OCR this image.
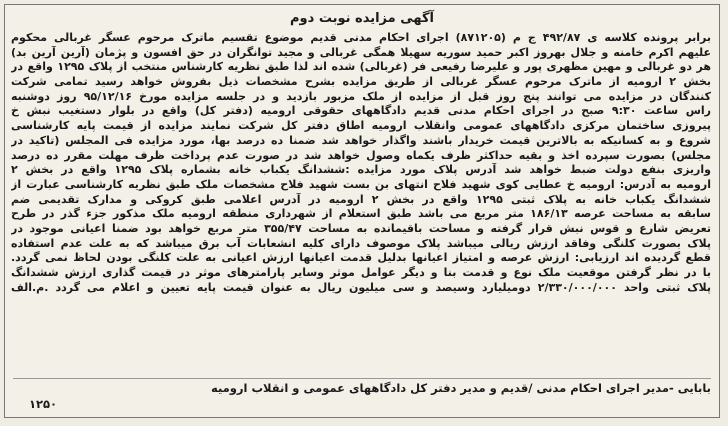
آگهی مزایده نوبت دوم
برابر پرونده کلاسه ی ۴۹۲/۸۷ ج م (۸۷۱۲۰۵) اجرای احکام مدنی قدیم موضوع تقسیم ماترک مرحوم عسگر غربالی محکوم
علیهم اکرم خامنه و جلال بهروز اکبر حمید سوریه سهیلا همگی غربالی و مجید توانگران در حق افسون و پژمان (آرین آرین بد)
هر دو غربالی و مهین مظهری پور و علیرضا رفیعی فر (غربالی) شده اند لذا طبق نظریه کارشناس منتخب از پلاک ۱۲۹۵ واقع در
بخش ۲ ارومیه از ماترک مرحوم عسگر غربالی از طریق مزایده بشرح مشخصات ذیل بفروش خواهد رسید تمامی شرکت
کنندگان در مزایده می توانند پنج روز قبل از مزایده از ملک مزبور بازدید و در جلسه مزایده مورخ ۹۵/۱۲/۱۶ روز دوشنبه
راس ساعت ۹:۳۰ صبح در اجرای احکام مدنی قدیم دادگاههای حقوقی ارومیه (دفتر کل) واقع در بلوار دستغیب نبش خ
پیروزی ساختمان مرکزی دادگاههای عمومی وانقلاب ارومیه اطاق دفتر کل شرکت نمایند مزایده از قیمت پایه کارشناسی
شروع و به کسانیکه به بالاترین قیمت خریدار باشند واگذار خواهد شد ضمنا ده درصد بها، مورد مزایده فی المجلس (تاکید در
مجلس) بصورت سپرده اخذ و بقیه حداکثر ظرف یکماه وصول خواهد شد در صورت عدم پرداخت ظرف مهلت مقرر ده درصد
واریزی بنفع دولت ضبط خواهد شد آدرس پلاک مورد مزایده :ششدانگ یکباب خانه بشماره پلاک ۱۲۹۵ واقع در بخش ۲
ارومیه به آدرس: ارومیه خ عطایی کوی شهید فلاح انتهای بن بست شهید فلاح مشخصات ملک طبق نظریه کارشناسی عبارت از
ششدانگ یکباب خانه به پلاک ثبتی ۱۲۹۵ واقع در بخش ۲ ارومیه در آدرس اعلامی طبق کروکی و مدارک تقدیمی ضم
سابقه به مساحت عرصه ۱۸۶/۱۳ متر مربع می باشد طبق استعلام از شهرداری منطقه ارومیه ملک مذکور جزء گذر در طرح
تعریض شارع و قوس نبش قرار گرفته و مساحت باقیمانده به مساحت ۳۵۵/۴۷ متر مربع خواهد بود ضمنا اعیانی موجود در
پلاک بصورت کلنگی وفاقد ارزش ریالی میباشد پلاک موصوف دارای کلیه انشعابات آب برق میباشد که به علت عدم استفاده
قطع گردیده اند ارزیابی: ارزش عرصه و امتیاز اعیانها بدلیل قدمت اعیانها ارزش اعیانی به علت کلنگی بودن لحاظ نمی گردد.
با در نظر گرفتن موقعیت ملک نوع و قدمت بنا و دیگر عوامل موثر وسایر پارامترهای موثر در قیمت گذاری ارزش ششدانگ
پلاک ثبتی واحد ۲/۳۳۰/۰۰۰/۰۰۰ دومیلیارد وسیصد و سی میلیون ریال به عنوان قیمت پایه تعیین و اعلام می گردد .م.الف
بابایی -مدیر اجرای احکام مدنی /قدیم و مدیر دفتر کل دادگاههای عمومی و انقلاب ارومیه
۱۲۵۰
